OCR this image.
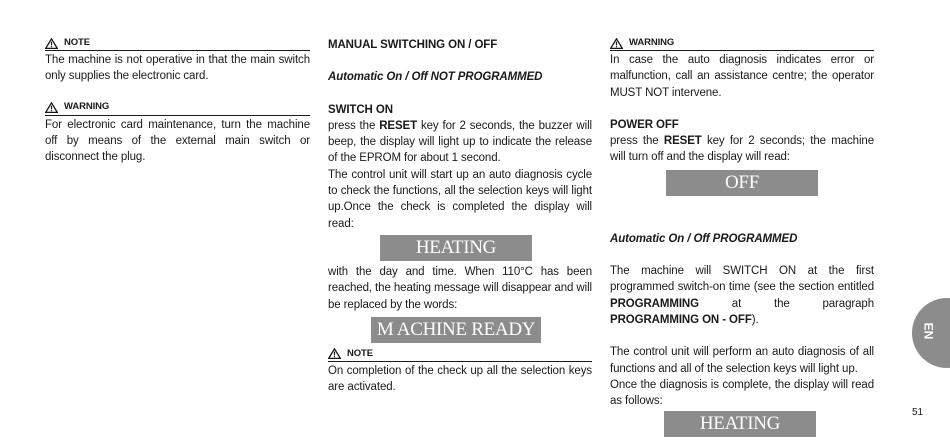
NOTE

The machine is not operative in that the main switch only supplies the electronic card.

WARNING

For electronic card maintenance, turn the machine off by means of the external main switch or disconnect the plug.

MANUAL SWITCHING ON / OFF

Automatic On / Off NOT PROGRAMMED

SWITCH ON

press the RESET key for 2 seconds, the buzzer will beep, the display will light up to indicate the release of the EPROM for about 1 second.

The control unit will start up an auto diagnosis cycle to check the functions, all the selection keys will light up.Once the check is completed the display will read:

HEATING

with the day and time. When 110°C has been reached, the heating message will disappear and will be replaced by the words:

M ACHINE READY
NOTE

On completion of the check up all the selection keys are activated.

WARNING

In case the auto diagnosis indicates error or malfunction, call an assistance centre; the operator MUST NOT intervene.

POWER OFF

press the RESET key for 2 seconds; the machine will turn off and the display will read:

OFF

Automatic On / Off PROGRAMMED

The machine will SWITCH ON at the first programmed switch-on time (see the section entitled PROGRAMMING at the paragraph PROGRAMMING ON - OFF).

The control unit will perform an auto diagnosis of all functions and all of the selection keys will light up.

Once the diagnosis is complete, the display will read as follows:

HEATING
EN
51
